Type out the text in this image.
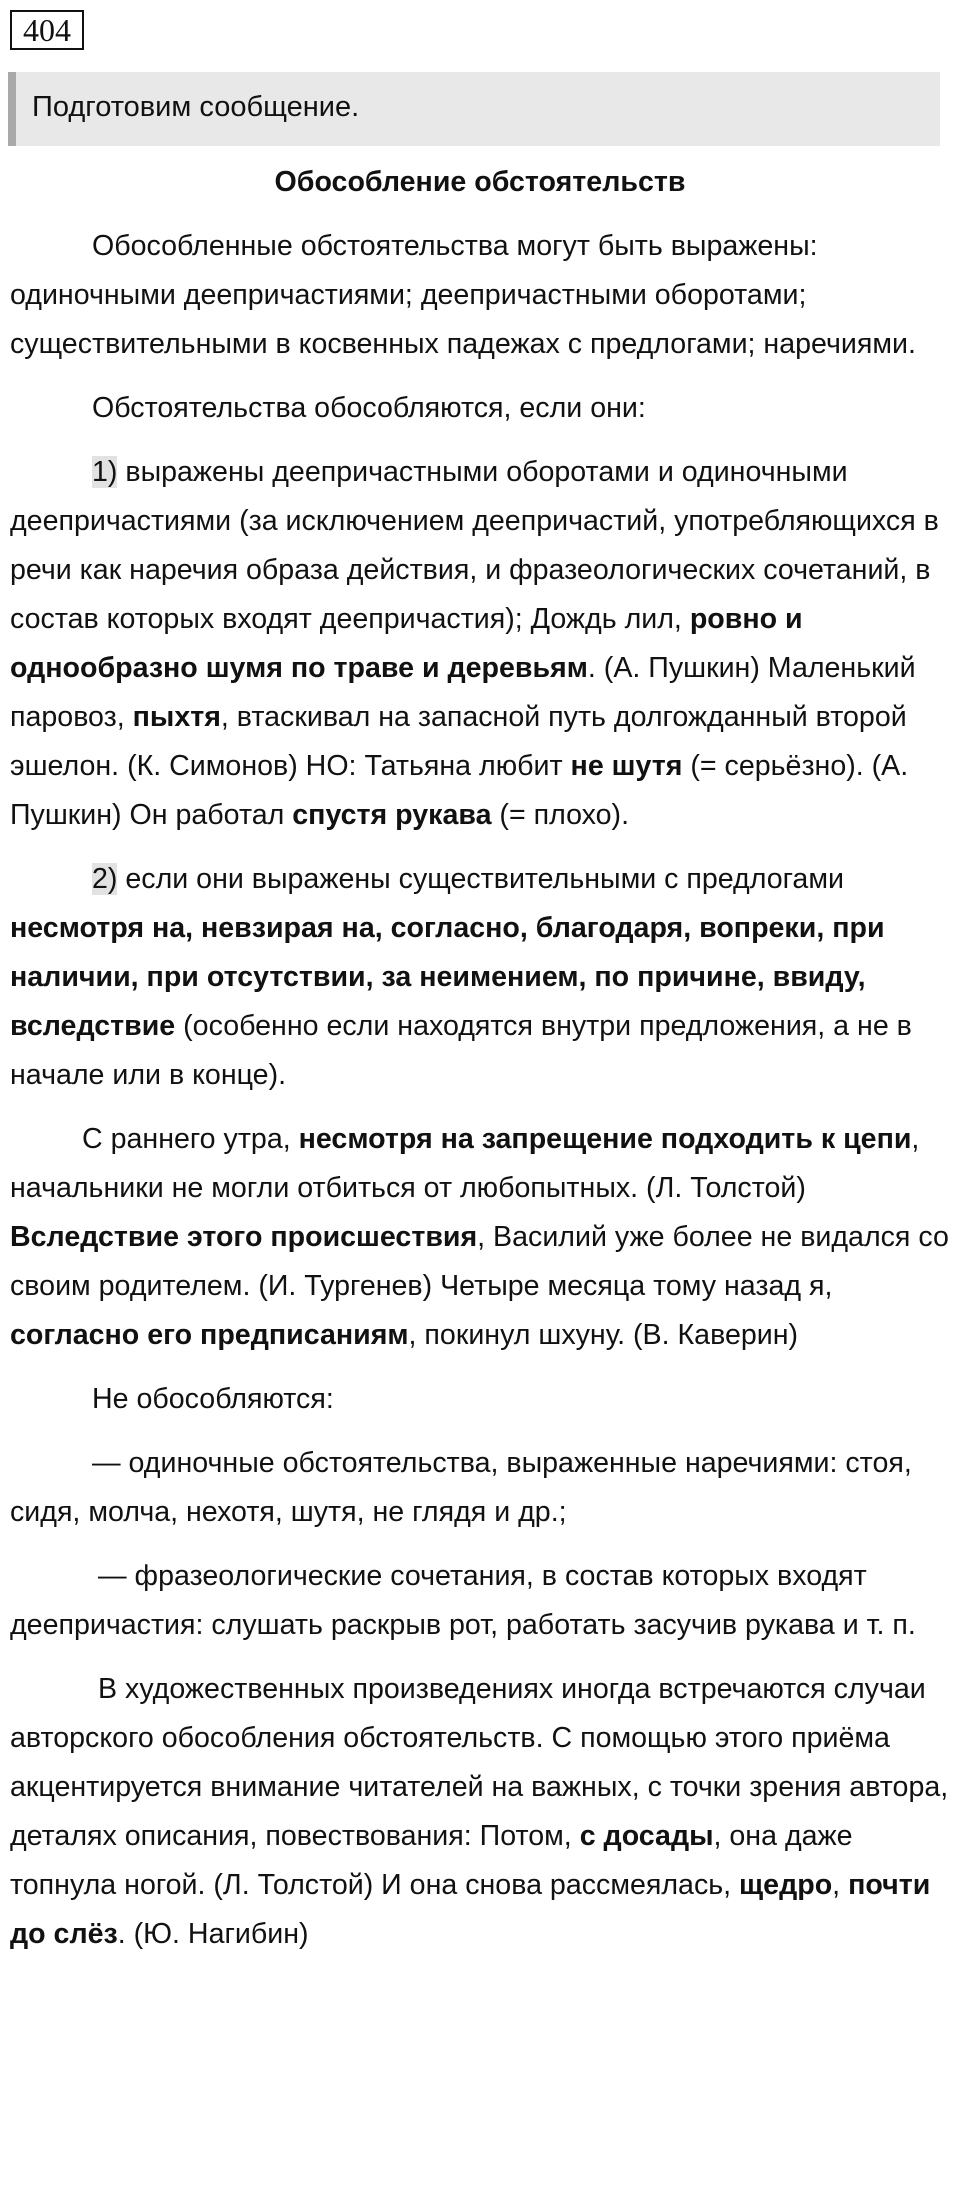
404
Подготовим сообщение.

Обособление обстоятельств

Обособленные обстоятельства могут быть выражены: одиночными деепричастиями; деепричастными оборотами; существительными в косвенных падежах с предлогами; наречиями.

Обстоятельства обособляются, если они:

1) выражены деепричастными оборотами и одиночными деепричастиями (за исключением деепричастий, употребляющихся в речи как наречия образа действия, и фразеологических сочетаний, в состав которых входят деепричастия); Дождь лил, ровно и однообразно шумя по траве и деревьям. (А. Пушкин) Маленький паровоз, пыхтя, втаскивал на запасной путь долгожданный второй эшелон. (К. Симонов) НО: Татьяна любит не шутя (= серьёзно). (А. Пушкин) Он работал спустя рукава (= плохо).

2) если они выражены существительными с предлогами несмотря на, невзирая на, согласно, благодаря, вопреки, при наличии, при отсутствии, за неимением, по причине, ввиду, вследствие (особенно если находятся внутри предложения, а не в начале или в конце).

С раннего утра, несмотря на запрещение подходить к цепи, начальники не могли отбиться от любопытных. (Л. Толстой) Вследствие этого происшествия, Василий уже более не видался со своим родителем. (И. Тургенев) Четыре месяца тому назад я, согласно его предписаниям, покинул шхуну. (В. Каверин)

Не обособляются:

— одиночные обстоятельства, выраженные наречиями: стоя, сидя, молча, нехотя, шутя, не глядя и др.;

— фразеологические сочетания, в состав которых входят деепричастия: слушать раскрыв рот, работать засучив рукава и т. п.

В художественных произведениях иногда встречаются случаи авторского обособления обстоятельств. С помощью этого приёма акцентируется внимание читателей на важных, с точки зрения автора, деталях описания, повествования: Потом, с досады, она даже топнула ногой. (Л. Толстой) И она снова рассмеялась, щедро, почти до слёз. (Ю. Нагибин)
